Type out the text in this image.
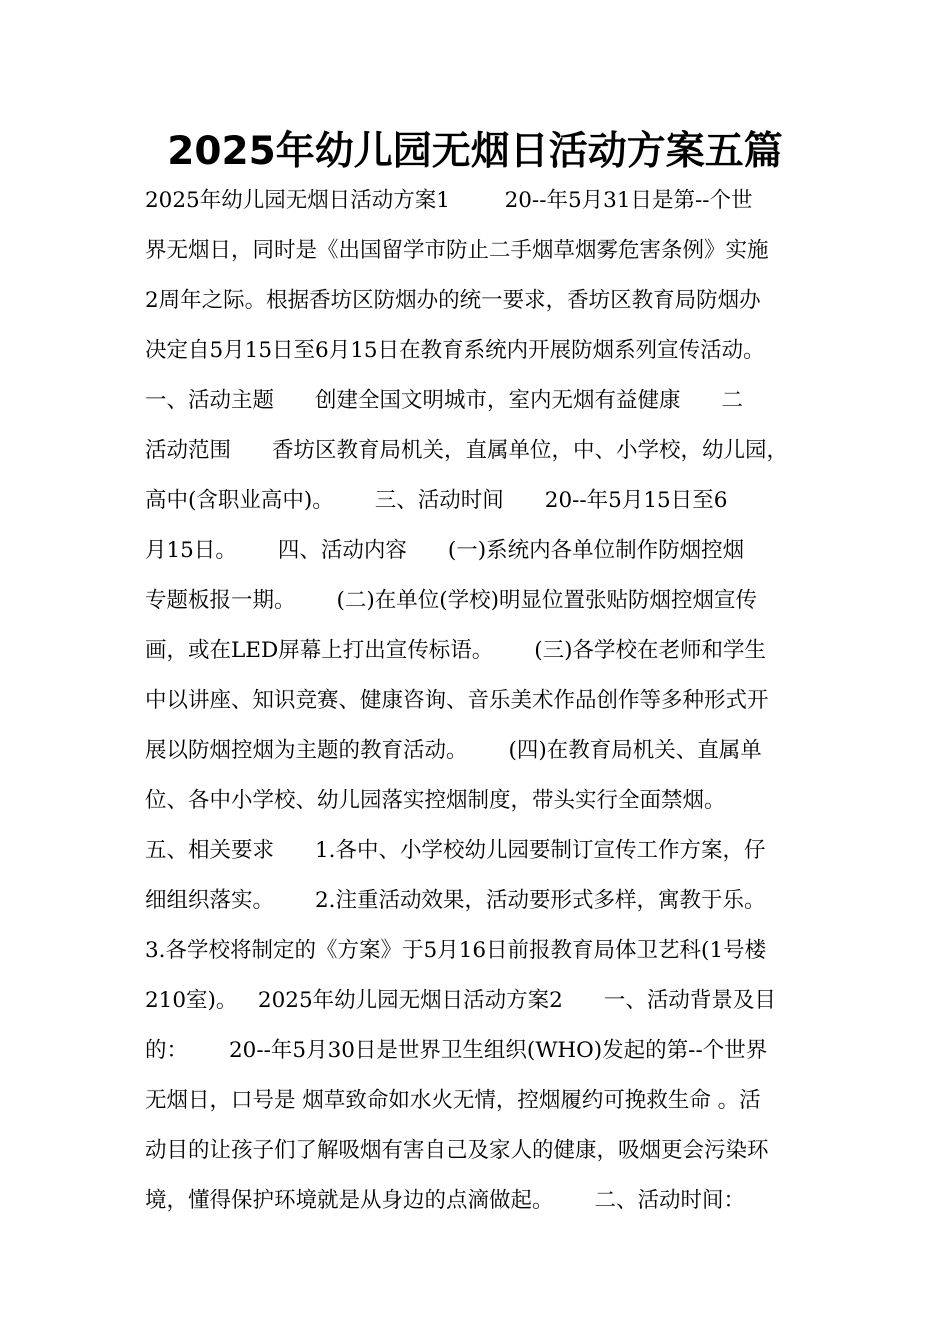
2025年幼儿园无烟日活动方案五篇
2025年幼儿园无烟日活动方案1        20--年5月31日是第--个世
界无烟日，同时是《出国留学市防止二手烟草烟雾危害条例》实施
2周年之际。根据香坊区防烟办的统一要求，香坊区教育局防烟办
决定自5月15日至6月15日在教育系统内开展防烟系列宣传活动。
一、活动主题      创建全国文明城市，室内无烟有益健康      二
活动范围      香坊区教育局机关，直属单位，中、小学校，幼儿园，
高中(含职业高中)。      三、活动时间      20--年5月15日至6
月15日。      四、活动内容      (一)系统内各单位制作防烟控烟
专题板报一期。      (二)在单位(学校)明显位置张贴防烟控烟宣传
画，或在LED屏幕上打出宣传标语。      (三)各学校在老师和学生
中以讲座、知识竞赛、健康咨询、音乐美术作品创作等多种形式开
展以防烟控烟为主题的教育活动。      (四)在教育局机关、直属单
位、各中小学校、幼儿园落实控烟制度，带头实行全面禁烟。
五、相关要求      1.各中、小学校幼儿园要制订宣传工作方案，仔
细组织落实。      2.注重活动效果，活动要形式多样，寓教于乐。
3.各学校将制定的《方案》于5月16日前报教育局体卫艺科(1号楼
210室)。   2025年幼儿园无烟日活动方案2      一、活动背景及目
的：      20--年5月30日是世界卫生组织(WHO)发起的第--个世界
无烟日，口号是 烟草致命如水火无情，控烟履约可挽救生命 。活
动目的让孩子们了解吸烟有害自己及家人的健康，吸烟更会污染环
境，懂得保护环境就是从身边的点滴做起。      二、活动时间：
